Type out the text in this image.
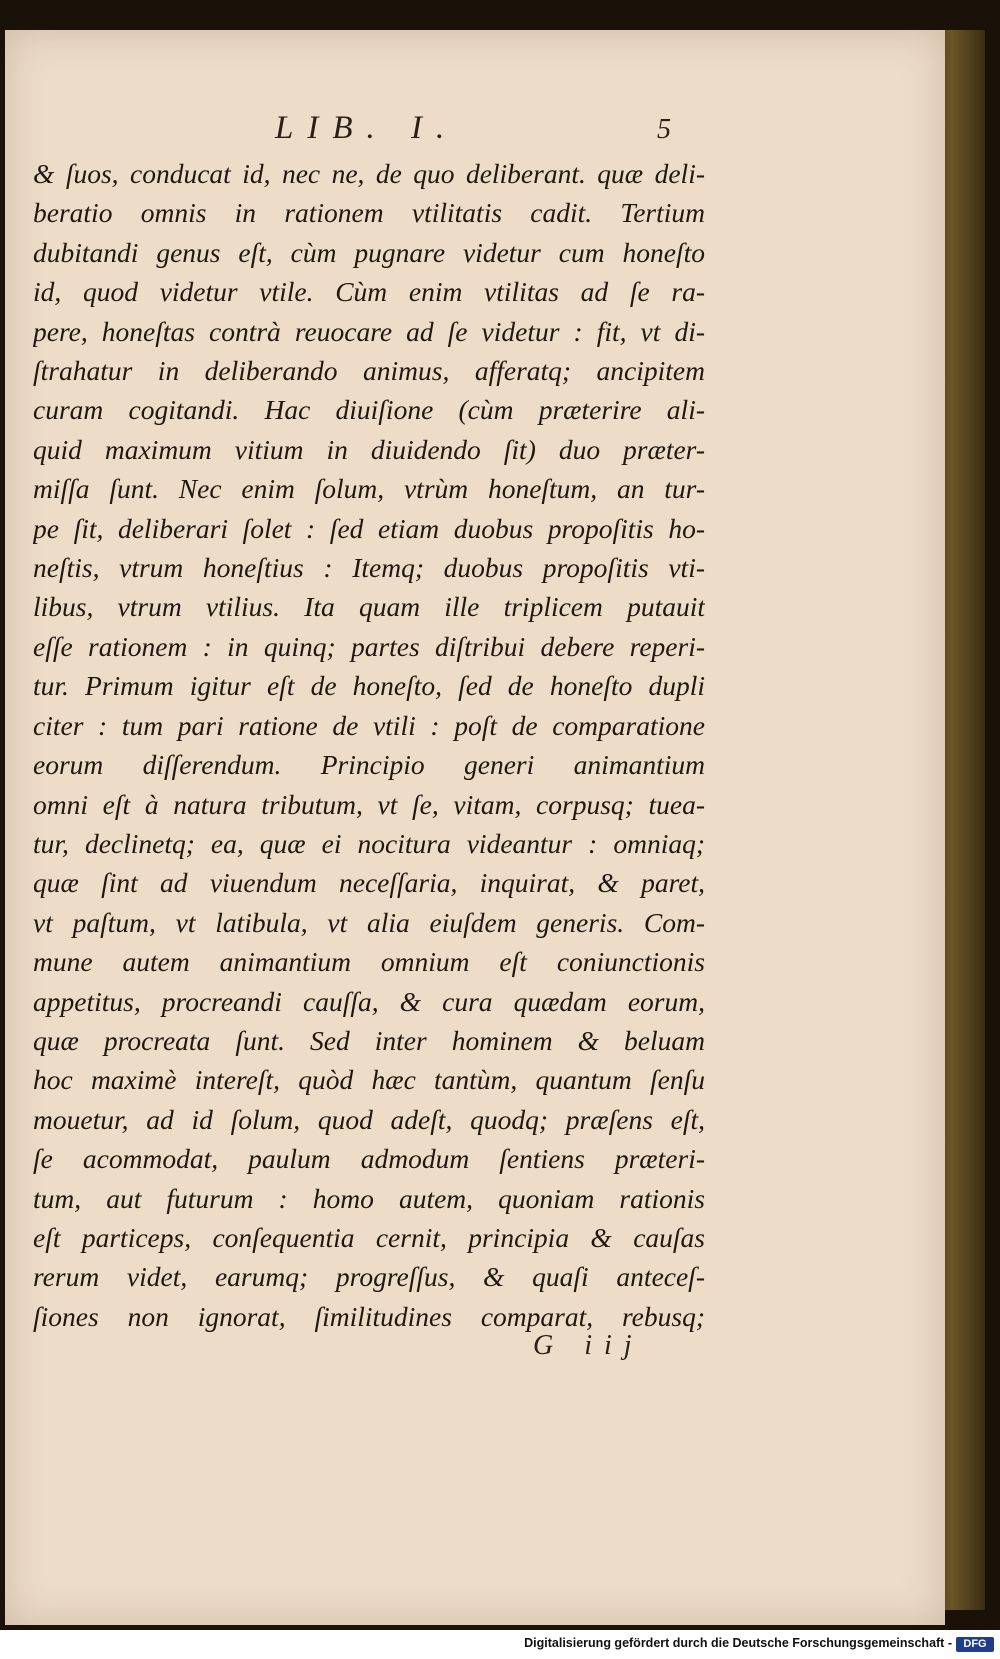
LIB. I.	5
& ſuos, conducat id, nec ne, de quo deliberant. quæ deli-
beratio omnis in rationem vtilitatis cadit. Tertium
dubitandi genus eſt, cùm pugnare videtur cum honeſto
id, quod videtur vtile. Cùm enim vtilitas ad ſe ra-
pere, honeſtas contrà reuocare ad ſe videtur : fit, vt di-
ſtrahatur in deliberando animus, afferatq; ancipitem
curam cogitandi. Hac diuiſione (cùm præterire ali-
quid maximum vitium in diuidendo ſit) duo præter-
miſſa ſunt. Nec enim ſolum, vtrùm honeſtum, an tur-
pe ſit, deliberari ſolet : ſed etiam duobus propoſitis ho-
neſtis, vtrum honeſtius : Itemq; duobus propoſitis vti-
libus, vtrum vtilius. Ita quam ille triplicem putauit
eſſe rationem : in quinq; partes diſtribui debere reperi-
tur. Primum igitur eſt de honeſto, ſed de honeſto dupli
citer : tum pari ratione de vtili : poſt de comparatione
eorum diſſerendum. Principio generi animantium
omni eſt à natura tributum, vt ſe, vitam, corpusq; tuea-
tur, declinetq; ea, quæ ei nocitura videantur : omniaq;
quæ ſint ad viuendum neceſſaria, inquirat, & paret,
vt paſtum, vt latibula, vt alia eiuſdem generis. Com-
mune autem animantium omnium eſt coniunctionis
appetitus, procreandi cauſſa, & cura quædam eorum,
quæ procreata ſunt. Sed inter hominem & beluam
hoc maximè intereſt, quòd hæc tantùm, quantum ſenſu
mouetur, ad id ſolum, quod adeſt, quodq; præſens eſt,
ſe acommodat, paulum admodum ſentiens præteri-
tum, aut futurum : homo autem, quoniam rationis
eſt particeps, conſequentia cernit, principia & cauſas
rerum videt, earumq; progreſſus, & quaſi anteceſ-
ſiones non ignorat, ſimilitudines comparat, rebusq;
G iij
Digitalisierung gefördert durch die Deutsche Forschungsgemeinschaft -	DFG
